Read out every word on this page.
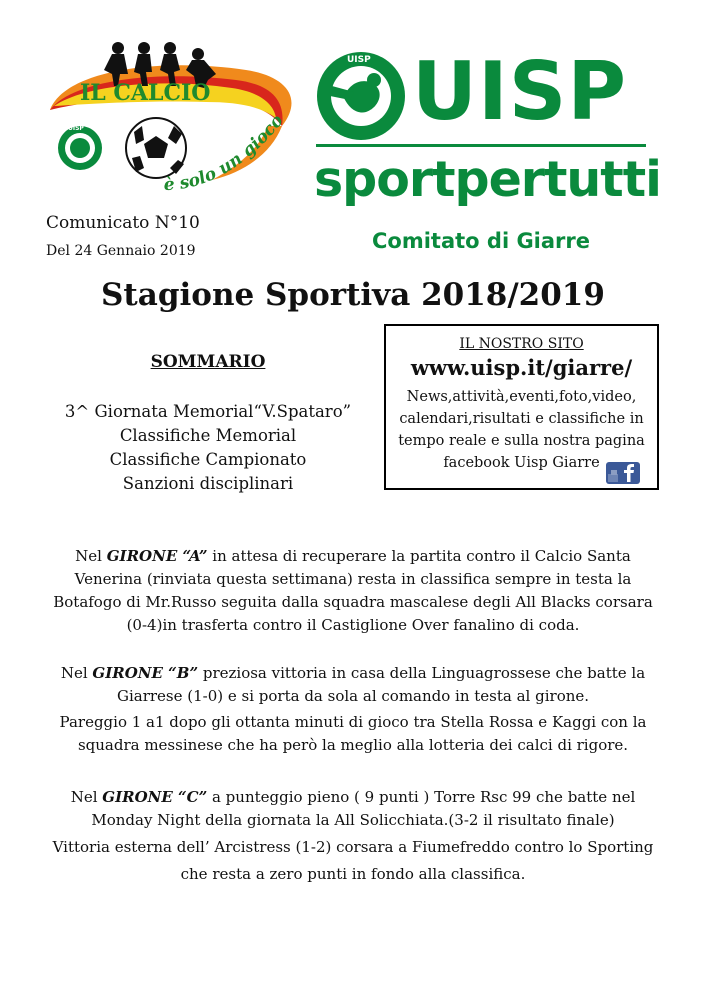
IL CALCIO
UISP
è solo un gioco
UISP UISP
sportpertutti
Comitato di Giarre
Comunicato N°10
Del 24 Gennaio 2019
Stagione Sportiva 2018/2019
SOMMARIO
3^ Giornata Memorial“V.Spataro”
Classifiche Memorial
Classifiche Campionato
Sanzioni disciplinari
IL NOSTRO SITO
www.uisp.it/giarre/
News,attività,eventi,foto,video, calendari,risultati e classifiche in tempo reale e sulla nostra pagina facebook Uisp Giarre
Nel GIRONE “A” in attesa di recuperare la partita contro il Calcio Santa Venerina (rinviata questa settimana) resta in classifica sempre in testa la Botafogo di Mr.Russo seguita dalla squadra mascalese degli All Blacks corsara (0-4)in trasferta contro il Castiglione Over fanalino di coda.
Nel GIRONE “B” preziosa vittoria in casa della Linguagrossese che batte la Giarrese (1-0) e si porta da sola al comando in testa al girone.
Pareggio 1 a1 dopo gli ottanta minuti di gioco tra Stella Rossa e Kaggi con la squadra messinese che ha però la meglio alla lotteria dei calci di rigore.
Nel GIRONE “C” a punteggio pieno ( 9 punti ) Torre Rsc 99 che batte nel Monday Night della giornata la All Solicchiata.(3-2 il risultato finale)
Vittoria esterna dell’ Arcistress (1-2) corsara a Fiumefreddo contro lo Sporting che resta a zero punti in fondo alla classifica.
